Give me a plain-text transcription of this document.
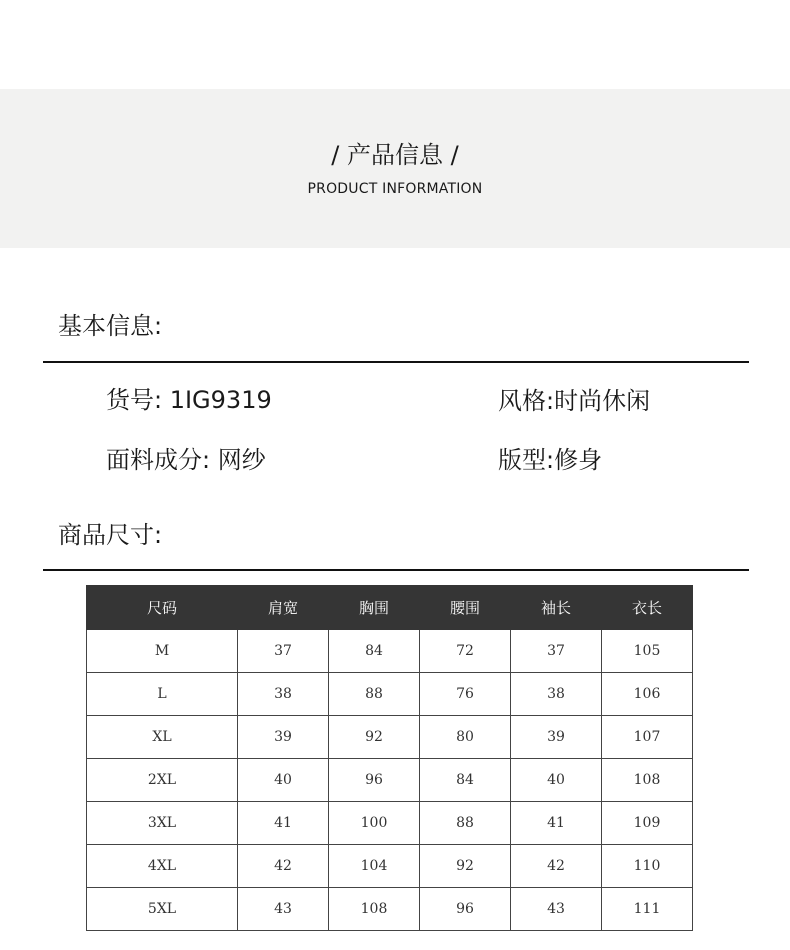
/ 产品信息 /
PRODUCT INFORMATION
基本信息:
货号: 1IG9319	风格:时尚休闲
面料成分: 网纱	版型:修身
商品尺寸:
尺码	肩宽	胸围	腰围	袖长	衣长
M	37	84	72	37	105
L	38	88	76	38	106
XL	39	92	80	39	107
2XL	40	96	84	40	108
3XL	41	100	88	41	109
4XL	42	104	92	42	110
5XL	43	108	96	43	111
